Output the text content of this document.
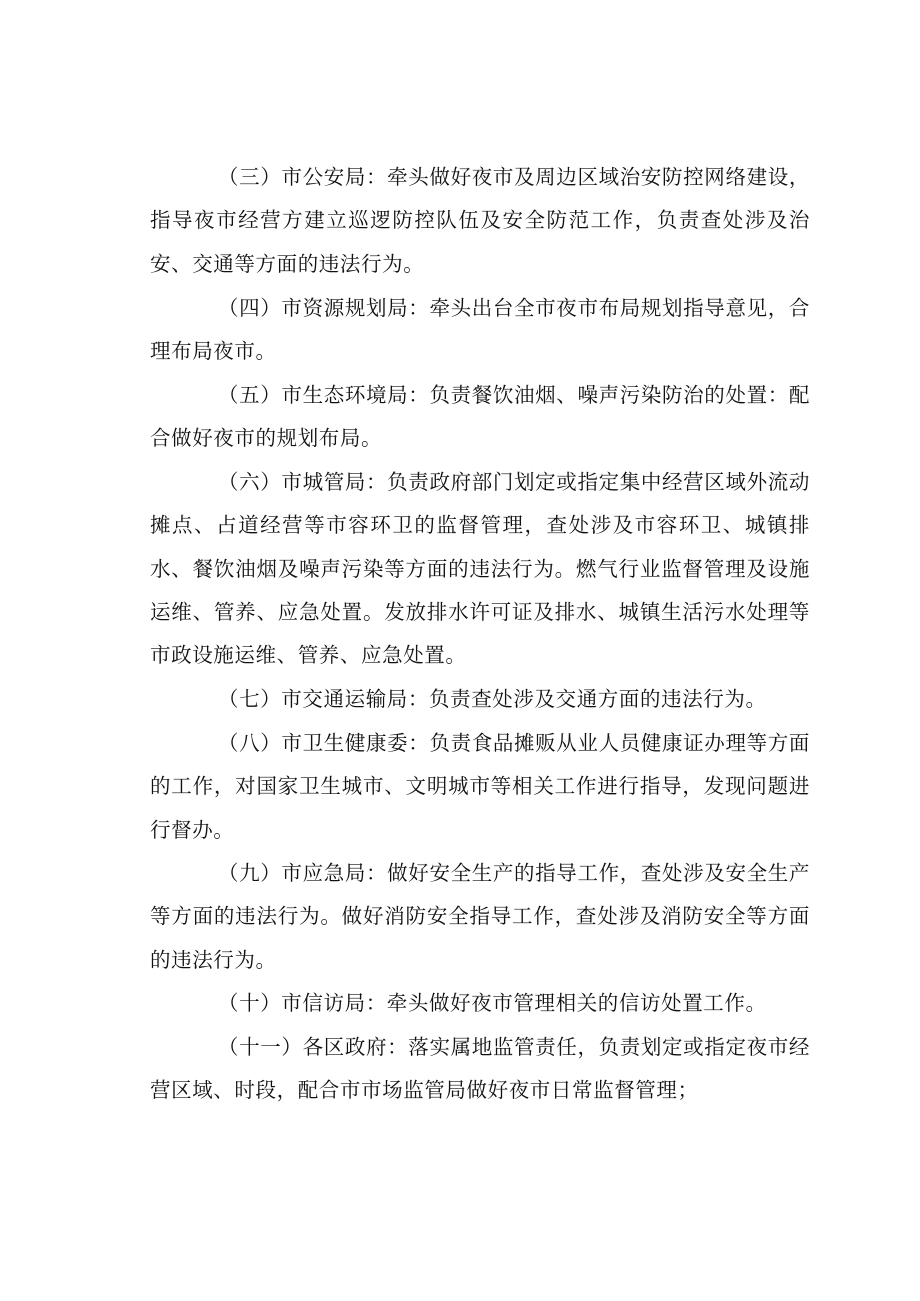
（三）市公安局：牵头做好夜市及周边区域治安防控网络建设，指导夜市经营方建立巡逻防控队伍及安全防范工作，负责查处涉及治安、交通等方面的违法行为。

（四）市资源规划局：牵头出台全市夜市布局规划指导意见，合理布局夜市。

（五）市生态环境局：负责餐饮油烟、噪声污染防治的处置：配合做好夜市的规划布局。

（六）市城管局：负责政府部门划定或指定集中经营区域外流动摊点、占道经营等市容环卫的监督管理，查处涉及市容环卫、城镇排水、餐饮油烟及噪声污染等方面的违法行为。燃气行业监督管理及设施运维、管养、应急处置。发放排水许可证及排水、城镇生活污水处理等市政设施运维、管养、应急处置。

（七）市交通运输局：负责查处涉及交通方面的违法行为。

（八）市卫生健康委：负责食品摊贩从业人员健康证办理等方面的工作，对国家卫生城市、文明城市等相关工作进行指导，发现问题进行督办。

（九）市应急局：做好安全生产的指导工作，查处涉及安全生产等方面的违法行为。做好消防安全指导工作，查处涉及消防安全等方面的违法行为。

（十）市信访局：牵头做好夜市管理相关的信访处置工作。

（十一）各区政府：落实属地监管责任，负责划定或指定夜市经营区域、时段，配合市市场监管局做好夜市日常监督管理；
